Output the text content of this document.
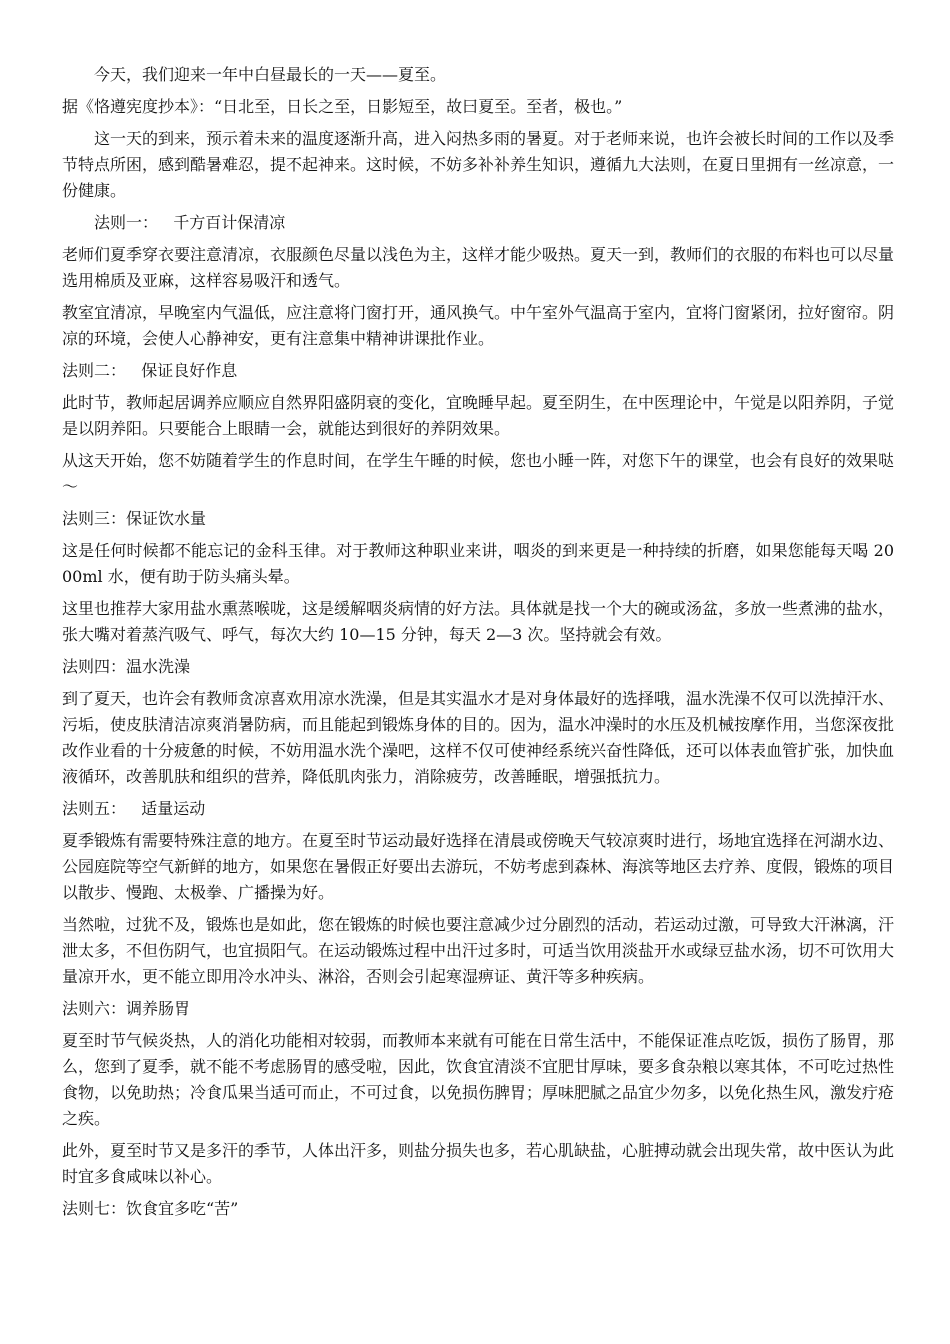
今天，我们迎来一年中白昼最长的一天——夏至。

据《恪遵宪度抄本》：“日北至，日长之至，日影短至，故曰夏至。至者，极也。”

这一天的到来，预示着未来的温度逐渐升高，进入闷热多雨的暑夏。对于老师来说，也许会被长时间的工作以及季节特点所困，感到酷暑难忍，提不起神来。这时候，不妨多补补养生知识，遵循九大法则，在夏日里拥有一丝凉意，一份健康。

法则一：   千方百计保清凉

老师们夏季穿衣要注意清凉，衣服颜色尽量以浅色为主，这样才能少吸热。夏天一到，教师们的衣服的布料也可以尽量选用棉质及亚麻，这样容易吸汗和透气。

教室宜清凉，早晚室内气温低，应注意将门窗打开，通风换气。中午室外气温高于室内，宜将门窗紧闭，拉好窗帘。阴凉的环境，会使人心静神安，更有注意集中精神讲课批作业。

法则二：   保证良好作息

此时节，教师起居调养应顺应自然界阳盛阴衰的变化，宜晚睡早起。夏至阴生，在中医理论中，午觉是以阳养阴，子觉是以阴养阳。只要能合上眼睛一会，就能达到很好的养阴效果。

从这天开始，您不妨随着学生的作息时间，在学生午睡的时候，您也小睡一阵，对您下午的课堂，也会有良好的效果哒～

法则三：保证饮水量

这是任何时候都不能忘记的金科玉律。对于教师这种职业来讲，咽炎的到来更是一种持续的折磨，如果您能每天喝 2000ml 水，便有助于防头痛头晕。

这里也推荐大家用盐水熏蒸喉咙，这是缓解咽炎病情的好方法。具体就是找一个大的碗或汤盆，多放一些煮沸的盐水，张大嘴对着蒸汽吸气、呼气，每次大约 10—15 分钟，每天 2—3 次。坚持就会有效。

法则四：温水洗澡

到了夏天，也许会有教师贪凉喜欢用凉水洗澡，但是其实温水才是对身体最好的选择哦，温水洗澡不仅可以洗掉汗水、污垢，使皮肤清洁凉爽消暑防病，而且能起到锻炼身体的目的。因为，温水冲澡时的水压及机械按摩作用，当您深夜批改作业看的十分疲惫的时候，不妨用温水洗个澡吧，这样不仅可使神经系统兴奋性降低，还可以体表血管扩张，加快血液循环，改善肌肤和组织的营养，降低肌肉张力，消除疲劳，改善睡眠，增强抵抗力。

法则五：   适量运动

夏季锻炼有需要特殊注意的地方。在夏至时节运动最好选择在清晨或傍晚天气较凉爽时进行，场地宜选择在河湖水边、公园庭院等空气新鲜的地方，如果您在暑假正好要出去游玩，不妨考虑到森林、海滨等地区去疗养、度假，锻炼的项目以散步、慢跑、太极拳、广播操为好。

当然啦，过犹不及，锻炼也是如此，您在锻炼的时候也要注意减少过分剧烈的活动，若运动过激，可导致大汗淋漓，汗泄太多，不但伤阴气，也宜损阳气。在运动锻炼过程中出汗过多时，可适当饮用淡盐开水或绿豆盐水汤，切不可饮用大量凉开水，更不能立即用冷水冲头、淋浴，否则会引起寒湿痹证、黄汗等多种疾病。

法则六：调养肠胃

夏至时节气候炎热，人的消化功能相对较弱，而教师本来就有可能在日常生活中，不能保证准点吃饭，损伤了肠胃，那么，您到了夏季，就不能不考虑肠胃的感受啦，因此，饮食宜清淡不宜肥甘厚味，要多食杂粮以寒其体，不可吃过热性食物，以免助热；冷食瓜果当适可而止，不可过食，以免损伤脾胃；厚味肥腻之品宜少勿多，以免化热生风，激发疔疮之疾。

此外，夏至时节又是多汗的季节，人体出汗多，则盐分损失也多，若心肌缺盐，心脏搏动就会出现失常，故中医认为此时宜多食咸味以补心。

法则七：饮食宜多吃“苦”
